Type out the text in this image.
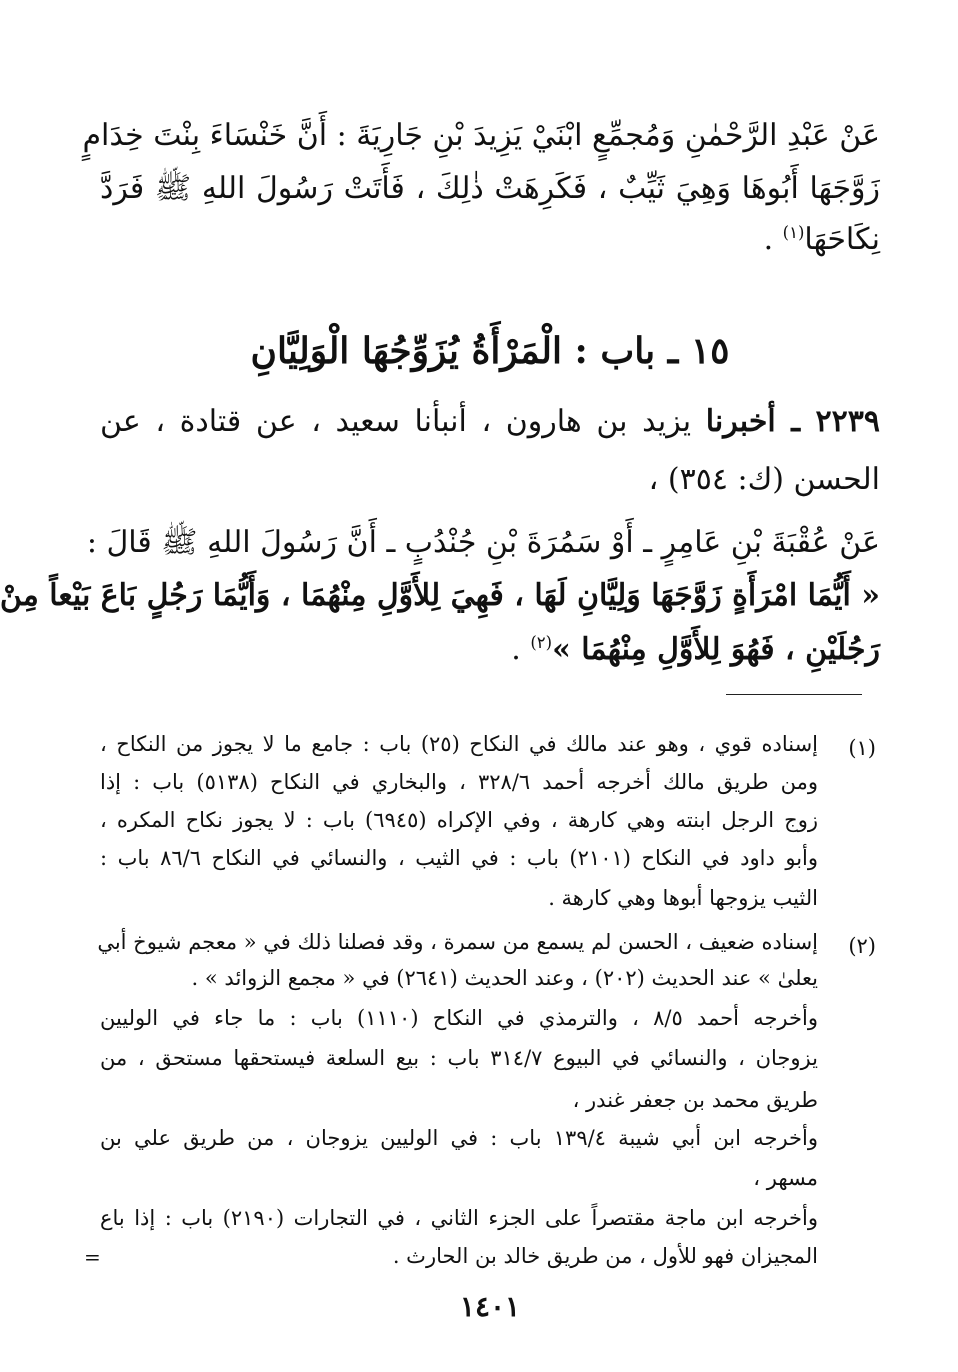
عَنْ عَبْدِ الرَّحْمٰنِ وَمُجمِّعٍ ابْنَيْ يَزِيدَ بْنِ جَارِيَةَ : أَنَّ خَنْسَاءَ بِنْتَ خِدَامٍ
زَوَّجَهَا أَبُوهَا وَهِيَ ثَيِّبٌ ، فَكَرِهَتْ ذٰلِكَ ، فَأَتَتْ رَسُولَ اللهِ ﷺ فَرَدَّ
نِكَاحَهَا$^{(١)}$ .
١٥ ـ باب : الْمَرْأَةُ يُزَوِّجُهَا الْوَلِيَّانِ
٢٢٣٩ ـ أخبرنا يزيد بن هارون ، أنبأنا سعيد ، عن قتادة ، عن
الحسن (ك: ٣٥٤) ،
عَنْ عُقْبَةَ بْنِ عَامِرٍ ـ أَوْ سَمُرَةَ بْنِ جُنْدُبٍ ـ أَنَّ رَسُولَ اللهِ ﷺ قَالَ :
« أَيُّمَا امْرَأَةٍ زَوَّجَهَا وَلِيَّانِ لَهَا ، فَهِيَ لِلأَوَّلِ مِنْهُمَا ، وَأَيُّمَا رَجُلٍ بَاعَ بَيْعاً مِنْ
رَجُلَيْنِ ، فَهُوَ لِلأَوَّلِ مِنْهُمَا »$^{(٢)}$ .
(١)
إسناده قوي ، وهو عند مالك في النكاح (٢٥) باب : جامع ما لا يجوز من النكاح ،
ومن طريق مالك أخرجه أحمد ٣٢٨/٦ ، والبخاري في النكاح (٥١٣٨) باب : إذا
زوج الرجل ابنته وهي كارهة ، وفي الإكراه (٦٩٤٥) باب : لا يجوز نكاح المكره ،
وأبو داود في النكاح (٢١٠١) باب : في الثيب ، والنسائي في النكاح ٨٦/٦ باب :
الثيب يزوجها أبوها وهي كارهة .
(٢)
إسناده ضعيف ، الحسن لم يسمع من سمرة ، وقد فصلنا ذلك في « معجم شيوخ أبي
يعلىٰ » عند الحديث (٢٠٢) ، وعند الحديث (٢٦٤١) في « مجمع الزوائد » .
وأخرجه أحمد ٨/٥ ، والترمذي في النكاح (١١١٠) باب : ما جاء في الوليين
يزوجان ، والنسائي في البيوع ٣١٤/٧ باب : بيع السلعة فيستحقها مستحق ، من
طريق محمد بن جعفر غندر ،
وأخرجه ابن أبي شيبة ١٣٩/٤ باب : في الوليين يزوجان ، من طريق علي بن
مسهر ،
وأخرجه ابن ماجة مقتصراً على الجزء الثاني ، في التجارات (٢١٩٠) باب : إذا باع
المجيزان فهو للأول ، من طريق خالد بن الحارث .
=
١٤٠١
